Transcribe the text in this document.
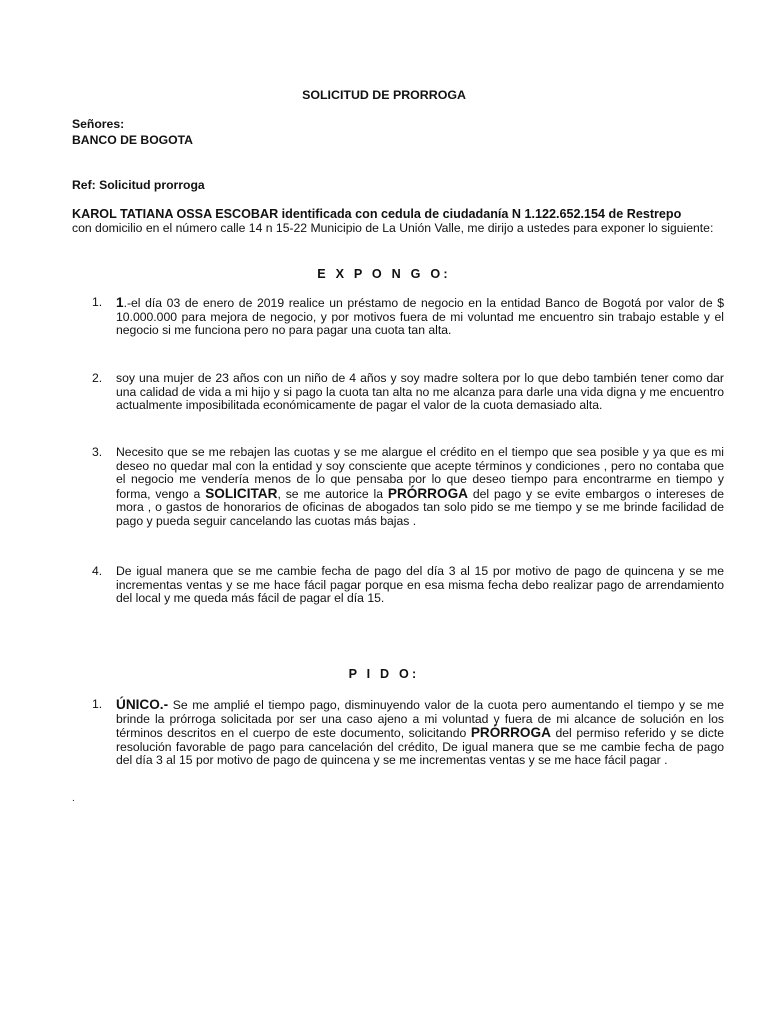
SOLICITUD DE PRORROGA
Señores:
BANCO DE BOGOTA
Ref: Solicitud prorroga
KAROL TATIANA OSSA ESCOBAR identificada con cedula de ciudadanía N 1.122.652.154 de Restrepo
con domicilio en el número calle 14 n 15-22 Municipio de La Unión Valle, me dirijo a ustedes para exponer lo siguiente:
E X P O N G O:
1.	1.-el día 03 de enero de 2019 realice un préstamo de negocio en la entidad Banco de Bogotá por valor de $ 10.000.000 para mejora de negocio, y por motivos fuera de mi voluntad me encuentro sin trabajo estable y el negocio si me funciona pero no para pagar una cuota tan alta.
2.	soy una mujer de 23 años con un niño de 4 años y soy madre soltera por lo que debo también tener como dar una calidad de vida a mi hijo y si pago la cuota tan alta no me alcanza para darle una vida digna y me encuentro actualmente imposibilitada económicamente de pagar el valor de la cuota demasiado alta.
3.	Necesito que se me rebajen las cuotas y se me alargue el crédito en el tiempo que sea posible y ya que es mi deseo no quedar mal con la entidad y soy consciente que acepte términos y condiciones , pero no contaba que el negocio me vendería menos de lo que pensaba por lo que deseo tiempo para encontrarme en tiempo y forma, vengo a SOLICITAR, se me autorice la PRÓRROGA del pago y se evite embargos o intereses de mora , o gastos de honorarios de oficinas de abogados tan solo pido se me tiempo y se me brinde facilidad de pago y pueda seguir cancelando las cuotas más bajas .
4.	De igual manera que se me cambie fecha de pago del día 3 al 15 por motivo de pago de quincena y se me incrementas ventas y se me hace fácil pagar porque en esa misma fecha debo realizar pago de arrendamiento del local y me queda más fácil de pagar el día 15.
P I D O:
1.	ÚNICO.- Se me amplié el tiempo pago, disminuyendo valor de la cuota pero aumentando el tiempo y se me brinde la prórroga solicitada por ser una caso ajeno a mi voluntad y fuera de mi alcance de solución en los términos descritos en el cuerpo de este documento, solicitando PRÓRROGA del permiso referido y se dicte resolución favorable de pago para cancelación del crédito, De igual manera que se me cambie fecha de pago del día 3 al 15 por motivo de pago de quincena y se me incrementas ventas y se me hace fácil pagar .
.
